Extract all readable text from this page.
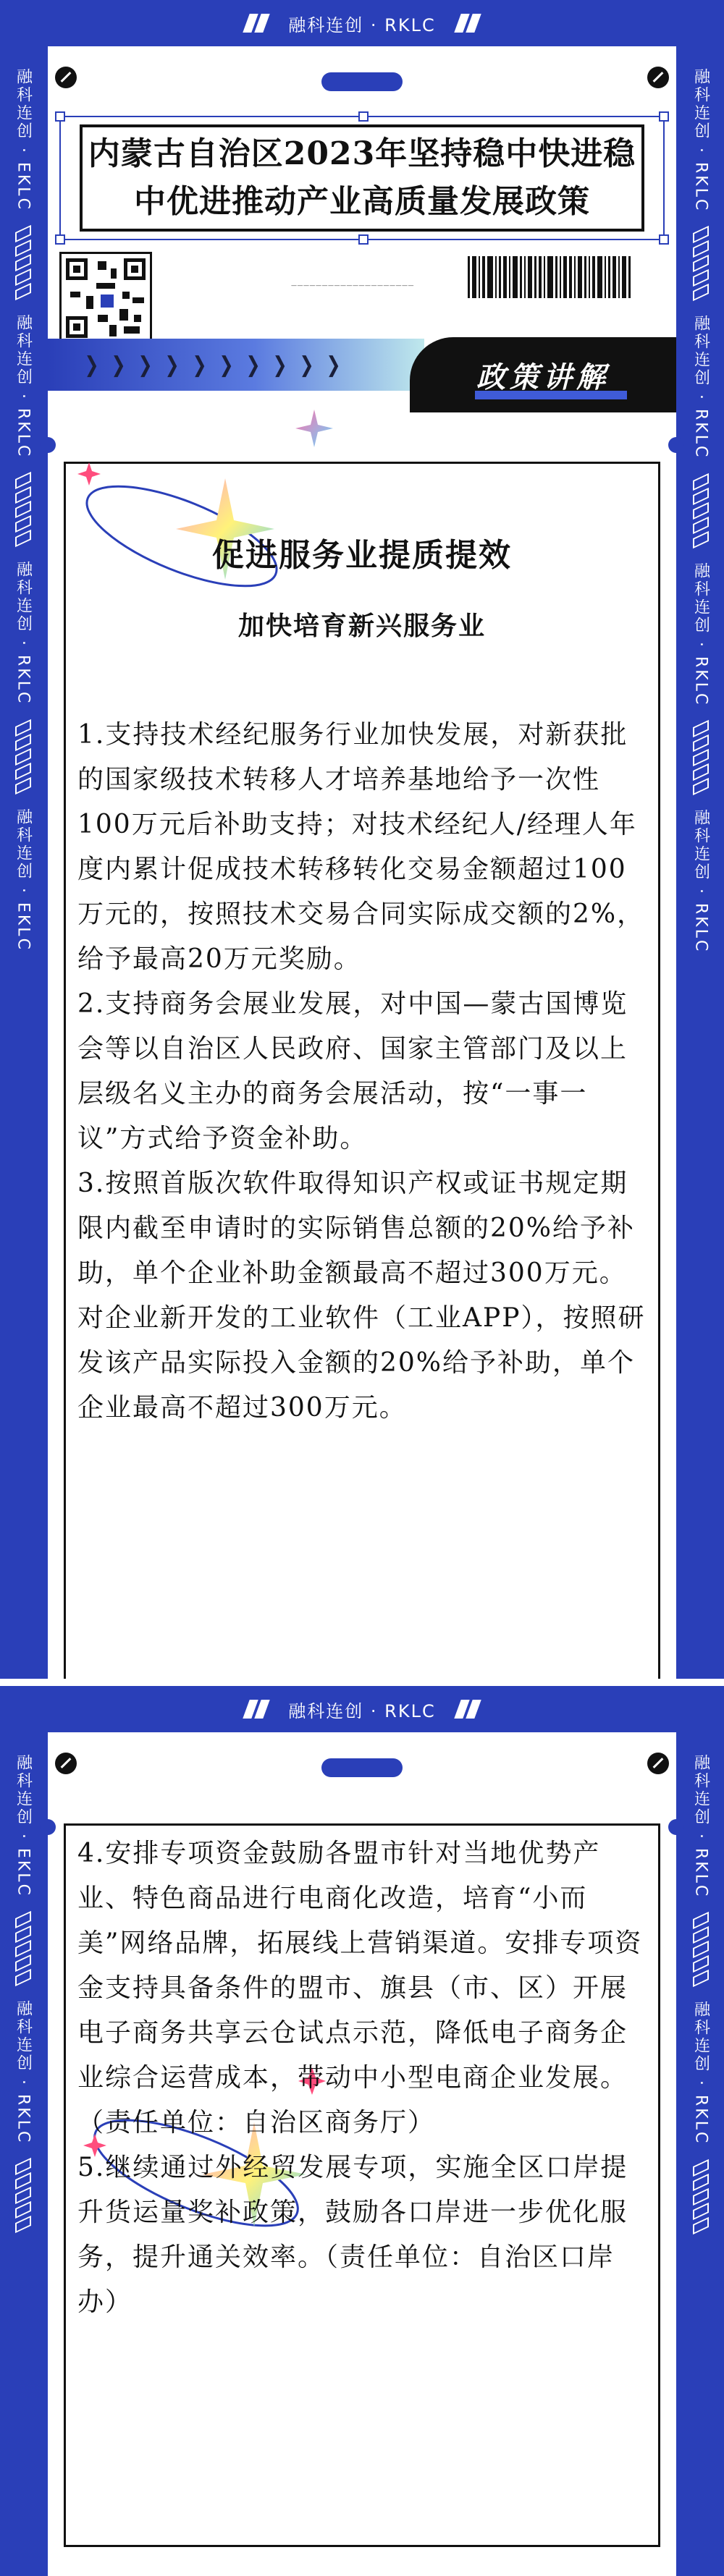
融科连创 · RKLC
融科连创 · EKLC
融科连创 · RKLC
融科连创 · RKLC
融科连创 · EKLC
融科连创 · RKLC
融科连创 · RKLC
融科连创 · RKLC
融科连创 · RKLC
内蒙古自治区2023年坚持稳中快进稳
中优进推动产业高质量发展政策
————————————————————
❯ ❯ ❯ ❯ ❯ ❯ ❯ ❯ ❯ ❯	政策讲解
促进服务业提质提效
加快培育新兴服务业

1.支持技术经纪服务行业加快发展，对新获批的国家级技术转移人才培养基地给予一次性100万元后补助支持；对技术经纪人/经理人年度内累计促成技术转移转化交易金额超过100万元的，按照技术交易合同实际成交额的2%，给予最高20万元奖励。

2.支持商务会展业发展，对中国—蒙古国博览会等以自治区人民政府、国家主管部门及以上层级名义主办的商务会展活动，按“一事一议”方式给予资金补助。

3.按照首版次软件取得知识产权或证书规定期限内截至申请时的实际销售总额的20%给予补助，单个企业补助金额最高不超过300万元。对企业新开发的工业软件（工业APP），按照研发该产品实际投入金额的20%给予补助，单个企业最高不超过300万元。

融科连创 · RKLC
融科连创 · EKLC
融科连创 · RKLC
融科连创 · RKLC
融科连创 · RKLC

4.安排专项资金鼓励各盟市针对当地优势产业、特色商品进行电商化改造，培育“小而美”网络品牌，拓展线上营销渠道。安排专项资金支持具备条件的盟市、旗县（市、区）开展电子商务共享云仓试点示范，降低电子商务企业综合运营成本，带动中小型电商企业发展。（责任单位：自治区商务厅）

5.继续通过外经贸发展专项，实施全区口岸提升货运量奖补政策，鼓励各口岸进一步优化服务，提升通关效率。（责任单位：自治区口岸办）
